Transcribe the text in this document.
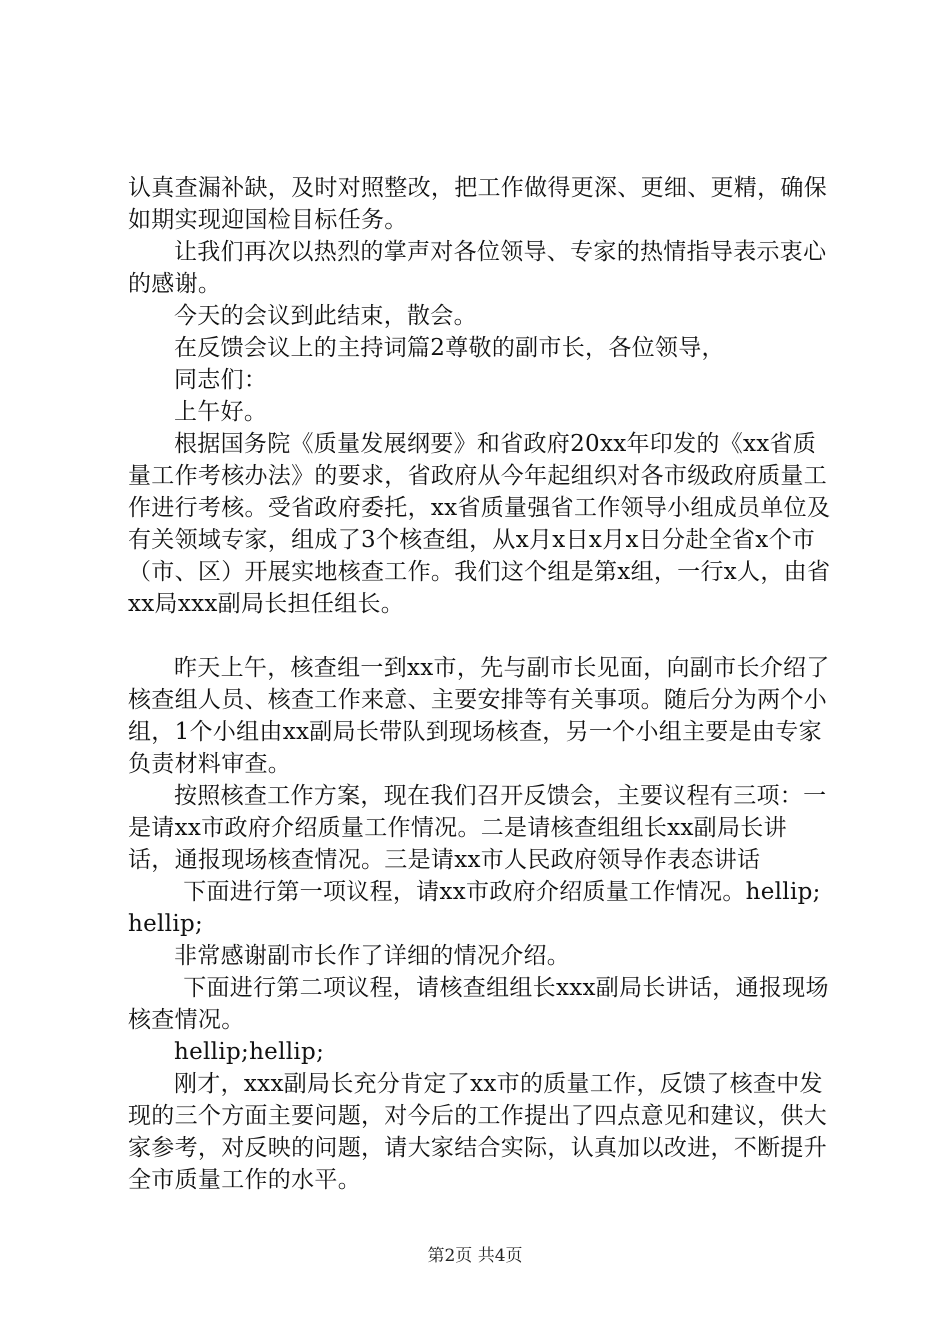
认真查漏补缺，及时对照整改，把工作做得更深、更细、更精，确保如期实现迎国检目标任务。

让我们再次以热烈的掌声对各位领导、专家的热情指导表示衷心的感谢。

今天的会议到此结束，散会。

在反馈会议上的主持词篇2尊敬的副市长，各位领导，

同志们：

上午好。

根据国务院《质量发展纲要》和省政府20xx年印发的《xx省质量工作考核办法》的要求，省政府从今年起组织对各市级政府质量工作进行考核。受省政府委托，xx省质量强省工作领导小组成员单位及有关领域专家，组成了3个核查组，从x月x日x月x日分赴全省x个市（市、区）开展实地核查工作。我们这个组是第x组，一行x人，由省xx局xxx副局长担任组长。

昨天上午，核查组一到xx市，先与副市长见面，向副市长介绍了核查组人员、核查工作来意、主要安排等有关事项。随后分为两个小组，1个小组由xx副局长带队到现场核查，另一个小组主要是由专家负责材料审查。

按照核查工作方案，现在我们召开反馈会，主要议程有三项：一是请xx市政府介绍质量工作情况。二是请核查组组长xx副局长讲话，通报现场核查情况。三是请xx市人民政府领导作表态讲话

下面进行第一项议程，请xx市政府介绍质量工作情况。hellip;hellip;

非常感谢副市长作了详细的情况介绍。

下面进行第二项议程，请核查组组长xxx副局长讲话，通报现场核查情况。

hellip;hellip;

刚才，xxx副局长充分肯定了xx市的质量工作，反馈了核查中发现的三个方面主要问题，对今后的工作提出了四点意见和建议，供大家参考，对反映的问题，请大家结合实际，认真加以改进，不断提升全市质量工作的水平。

第2页 共4页
